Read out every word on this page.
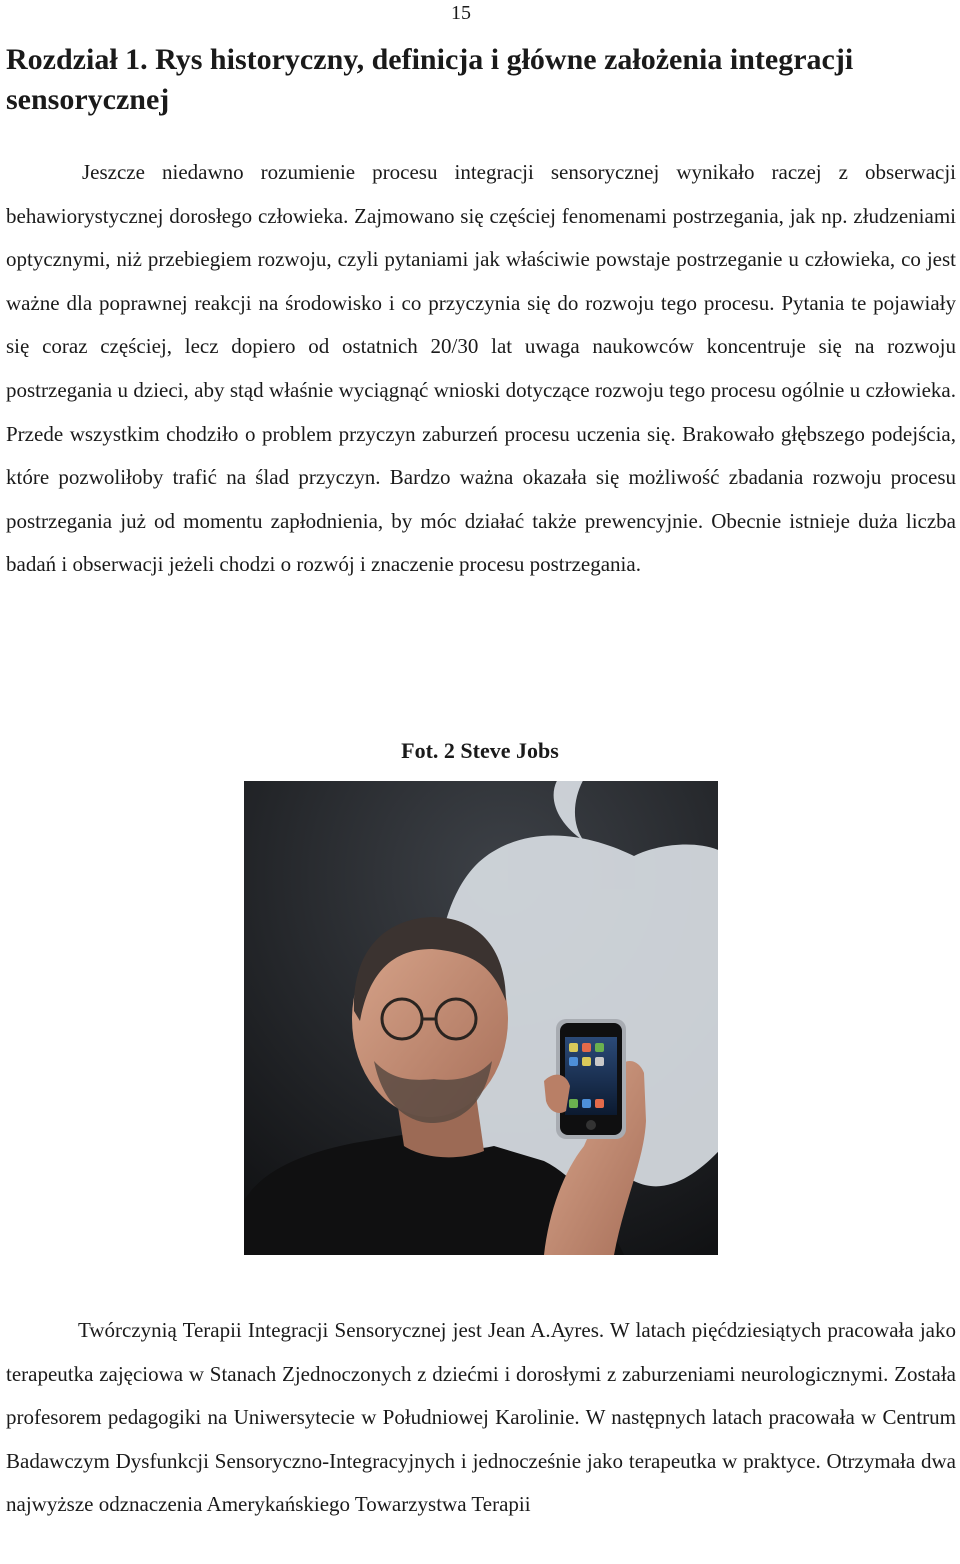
15
Rozdział 1. Rys historyczny, definicja i główne założenia integracji sensorycznej

Jeszcze niedawno rozumienie procesu integracji sensorycznej wynikało raczej z obserwacji behawiorystycznej dorosłego człowieka. Zajmowano się częściej fenomenami postrzegania, jak np. złudzeniami optycznymi, niż przebiegiem rozwoju, czyli pytaniami jak właściwie powstaje postrzeganie u człowieka, co jest ważne dla poprawnej reakcji na środowisko i co przyczynia się do rozwoju tego procesu. Pytania te pojawiały się coraz częściej, lecz dopiero od ostatnich 20/30 lat uwaga naukowców koncentruje się na rozwoju postrzegania u dzieci, aby stąd właśnie wyciągnąć wnioski dotyczące rozwoju tego procesu ogólnie u człowieka. Przede wszystkim chodziło o problem przyczyn zaburzeń procesu uczenia się. Brakowało głębszego podejścia, które pozwoliłoby trafić na ślad przyczyn. Bardzo ważna okazała się możliwość zbadania rozwoju procesu postrzegania już od momentu zapłodnienia, by móc działać także prewencyjnie. Obecnie istnieje duża liczba badań i obserwacji jeżeli chodzi o rozwój i znaczenie procesu postrzegania.

Fot. 2 Steve Jobs

Twórczynią Terapii Integracji Sensorycznej jest Jean A.Ayres. W latach pięćdziesiątych pracowała jako terapeutka zajęciowa w Stanach Zjednoczonych z dziećmi i dorosłymi z zaburzeniami neurologicznymi. Została profesorem pedagogiki na Uniwersytecie w Południowej Karolinie. W następnych latach pracowała w Centrum Badawczym Dysfunkcji Sensoryczno-Integracyjnych i jednocześnie jako terapeutka w praktyce. Otrzymała dwa najwyższe odznaczenia Amerykańskiego Towarzystwa Terapii
